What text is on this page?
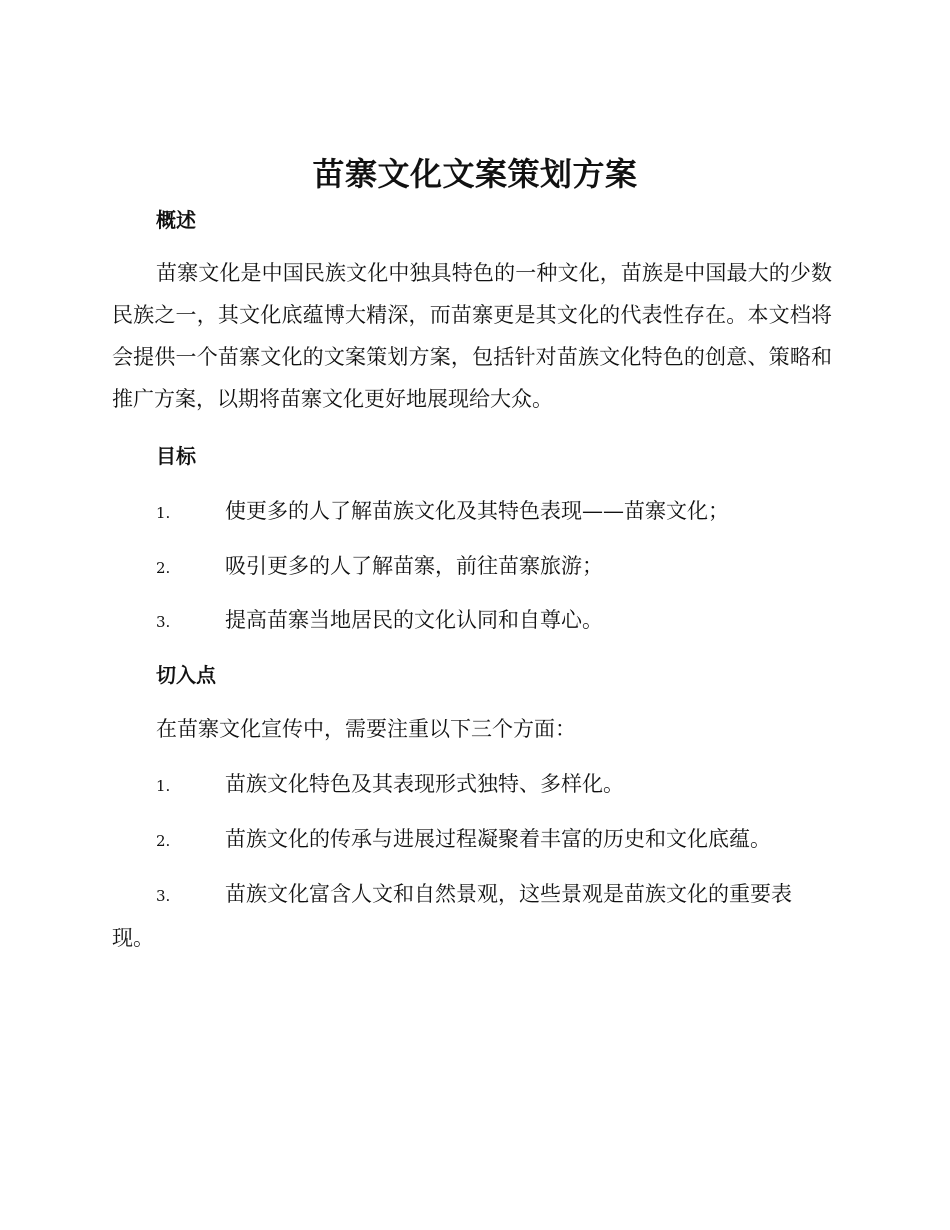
苗寨文化文案策划方案
概述

苗寨文化是中国民族文化中独具特色的一种文化，苗族是中国最大的少数民族之一，其文化底蕴博大精深，而苗寨更是其文化的代表性存在。本文档将会提供一个苗寨文化的文案策划方案，包括针对苗族文化特色的创意、策略和推广方案，以期将苗寨文化更好地展现给大众。

目标

1.	使更多的人了解苗族文化及其特色表现——苗寨文化；

2.	吸引更多的人了解苗寨，前往苗寨旅游；

3.	提高苗寨当地居民的文化认同和自尊心。

切入点

在苗寨文化宣传中，需要注重以下三个方面：

1.	苗族文化特色及其表现形式独特、多样化。

2.	苗族文化的传承与进展过程凝聚着丰富的历史和文化底蕴。

3.	苗族文化富含人文和自然景观，这些景观是苗族文化的重要表现。
